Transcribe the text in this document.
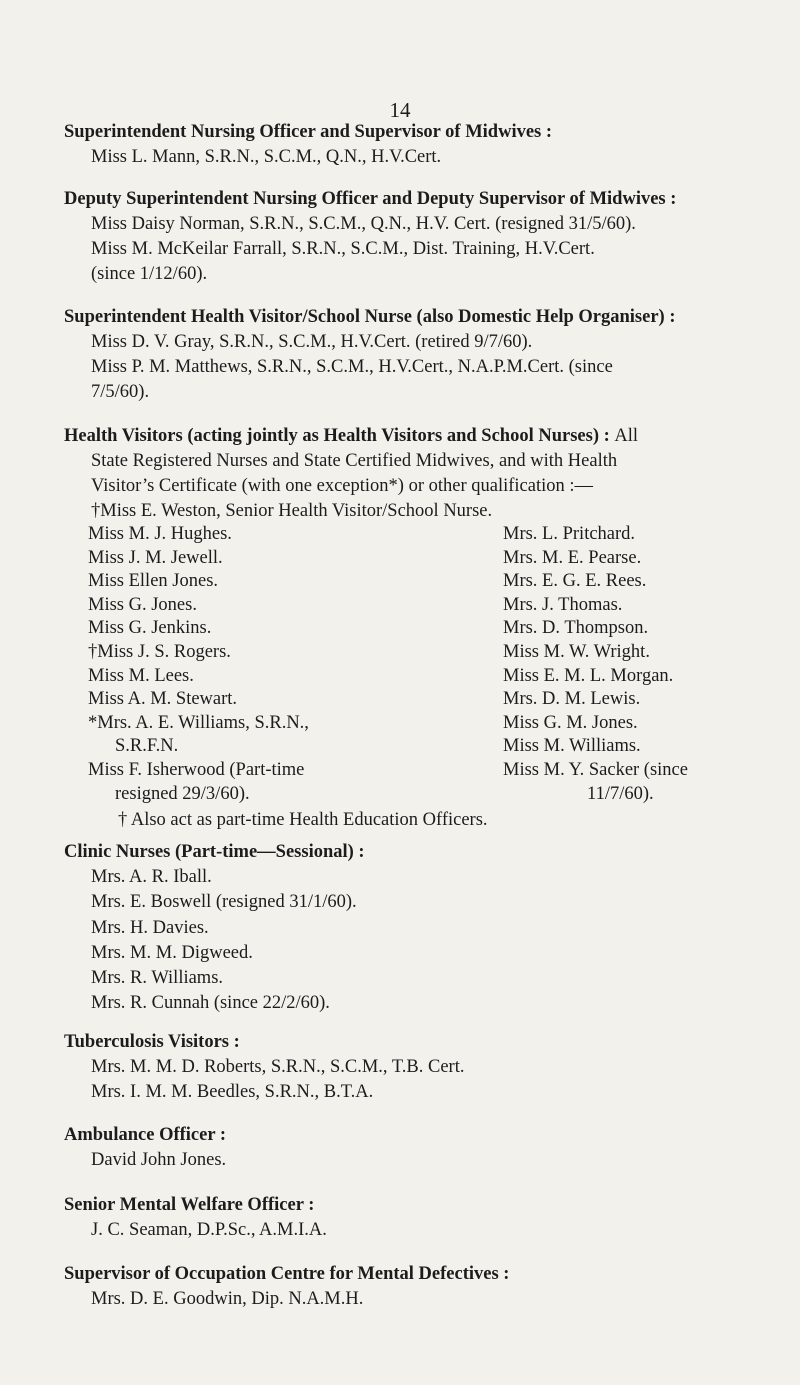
14

Superintendent Nursing Officer and Supervisor of Midwives :

Miss L. Mann, S.R.N., S.C.M., Q.N., H.V.Cert.

Deputy Superintendent Nursing Officer and Deputy Supervisor of Midwives :

Miss Daisy Norman, S.R.N., S.C.M., Q.N., H.V. Cert. (resigned 31/5/60).

Miss M. McKeilar Farrall, S.R.N., S.C.M., Dist. Training, H.V.Cert.

(since 1/12/60).

Superintendent Health Visitor/School Nurse (also Domestic Help Organiser) :

Miss D. V. Gray, S.R.N., S.C.M., H.V.Cert. (retired 9/7/60).

Miss P. M. Matthews, S.R.N., S.C.M., H.V.Cert., N.A.P.M.Cert. (since

7/5/60).

Health Visitors (acting jointly as Health Visitors and School Nurses) : All

State Registered Nurses and State Certified Midwives, and with Health

Visitor’s Certificate (with one exception*) or other qualification :—

†Miss E. Weston, Senior Health Visitor/School Nurse.

Miss M. J. Hughes.

Miss J. M. Jewell.

Miss Ellen Jones.

Miss G. Jones.

Miss G. Jenkins.

†Miss J. S. Rogers.

Miss M. Lees.

Miss A. M. Stewart.

*Mrs. A. E. Williams, S.R.N.,

S.R.F.N.

Miss F. Isherwood (Part-time

resigned 29/3/60).

Mrs. L. Pritchard.

Mrs. M. E. Pearse.

Mrs. E. G. E. Rees.

Mrs. J. Thomas.

Mrs. D. Thompson.

Miss M. W. Wright.

Miss E. M. L. Morgan.

Mrs. D. M. Lewis.

Miss G. M. Jones.

Miss M. Williams.

Miss M. Y. Sacker (since

11/7/60).

† Also act as part-time Health Education Officers.

Clinic Nurses (Part-time—Sessional) :

Mrs. A. R. Iball.

Mrs. E. Boswell (resigned 31/1/60).

Mrs. H. Davies.

Mrs. M. M. Digweed.

Mrs. R. Williams.

Mrs. R. Cunnah (since 22/2/60).

Tuberculosis Visitors :

Mrs. M. M. D. Roberts, S.R.N., S.C.M., T.B. Cert.

Mrs. I. M. M. Beedles, S.R.N., B.T.A.

Ambulance Officer :

David John Jones.

Senior Mental Welfare Officer :

J. C. Seaman, D.P.Sc., A.M.I.A.

Supervisor of Occupation Centre for Mental Defectives :

Mrs. D. E. Goodwin, Dip. N.A.M.H.
